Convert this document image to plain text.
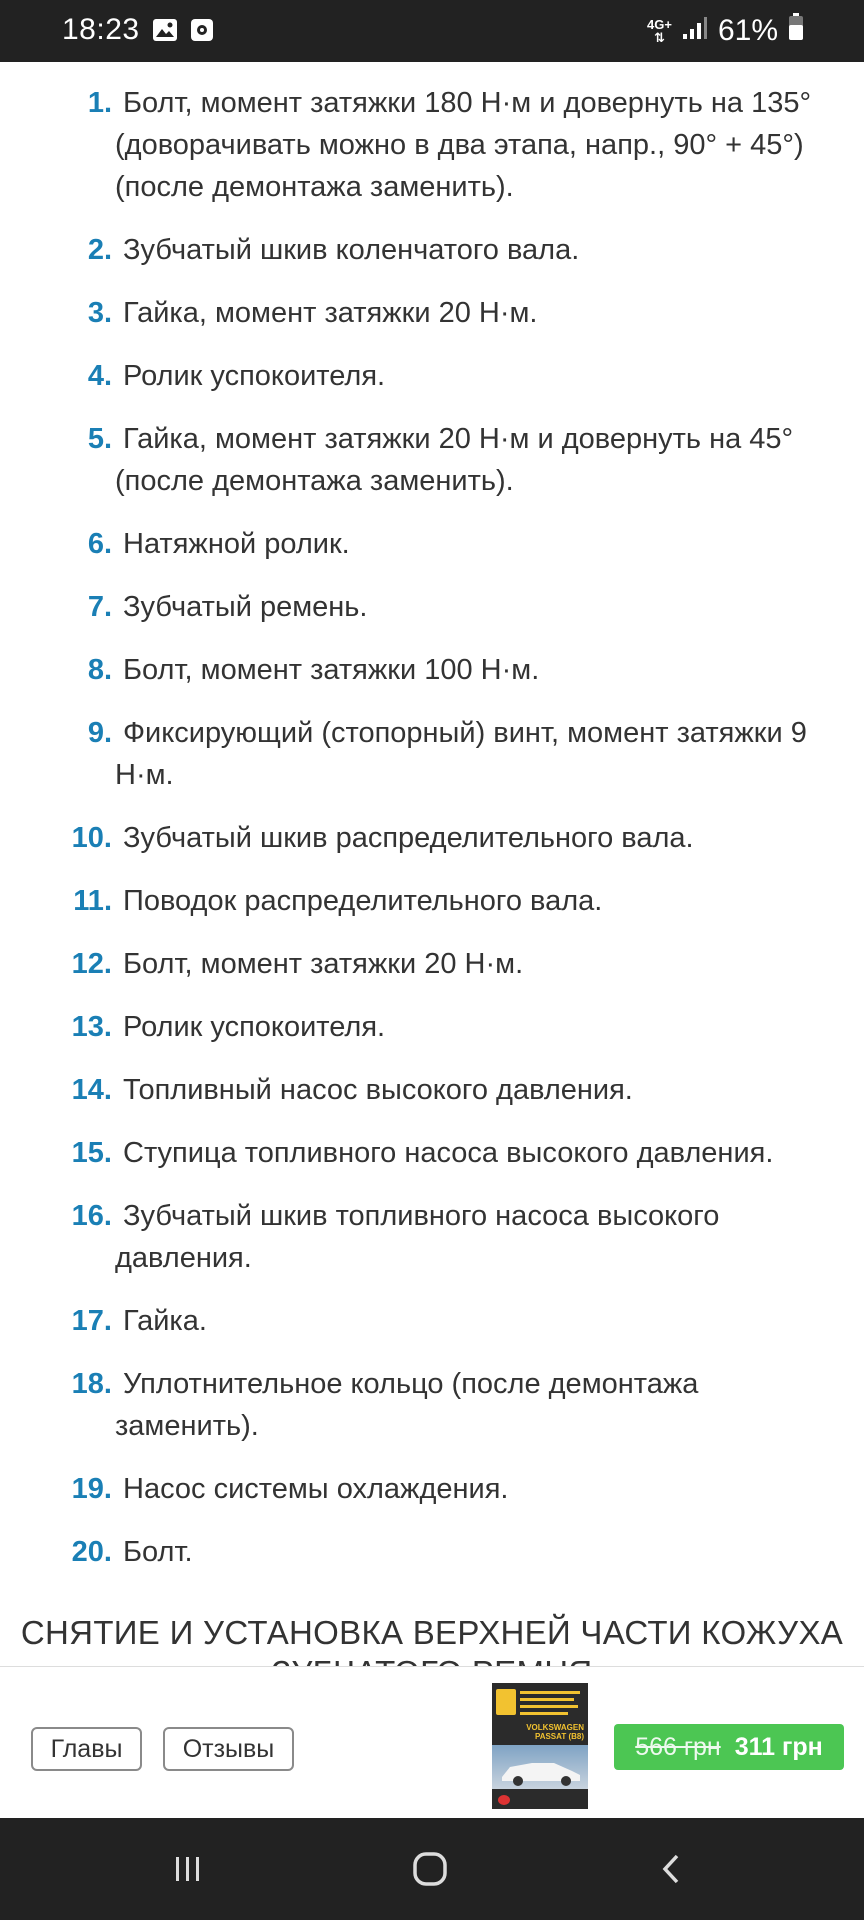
18:23	4G+
⇅ 61%
1. Болт, момент затяжки 180 Н·м и довернуть на 135° (доворачивать можно в два этапа, напр., 90° + 45°) (после демонтажа заменить).
2. Зубчатый шкив коленчатого вала.
3. Гайка, момент затяжки 20 Н·м.
4. Ролик успокоителя.
5. Гайка, момент затяжки 20 Н·м и довернуть на 45° (после демонтажа заменить).
6. Натяжной ролик.
7. Зубчатый ремень.
8. Болт, момент затяжки 100 Н·м.
9. Фиксирующий (стопорный) винт, момент затяжки 9 Н·м.
10. Зубчатый шкив распределительного вала.
11. Поводок распределительного вала.
12. Болт, момент затяжки 20 Н·м.
13. Ролик успокоителя.
14. Топливный насос высокого давления.
15. Ступица топливного насоса высокого давления.
16. Зубчатый шкив топливного насоса высокого давления.
17. Гайка.
18. Уплотнительное кольцо (после демонтажа заменить).
19. Насос системы охлаждения.
20. Болт.
СНЯТИЕ И УСТАНОВКА ВЕРХНЕЙ ЧАСТИ КОЖУХА
Главы	Отзывы
VOLKSWAGEN PASSAT (B8)	566 грн 311 грн
